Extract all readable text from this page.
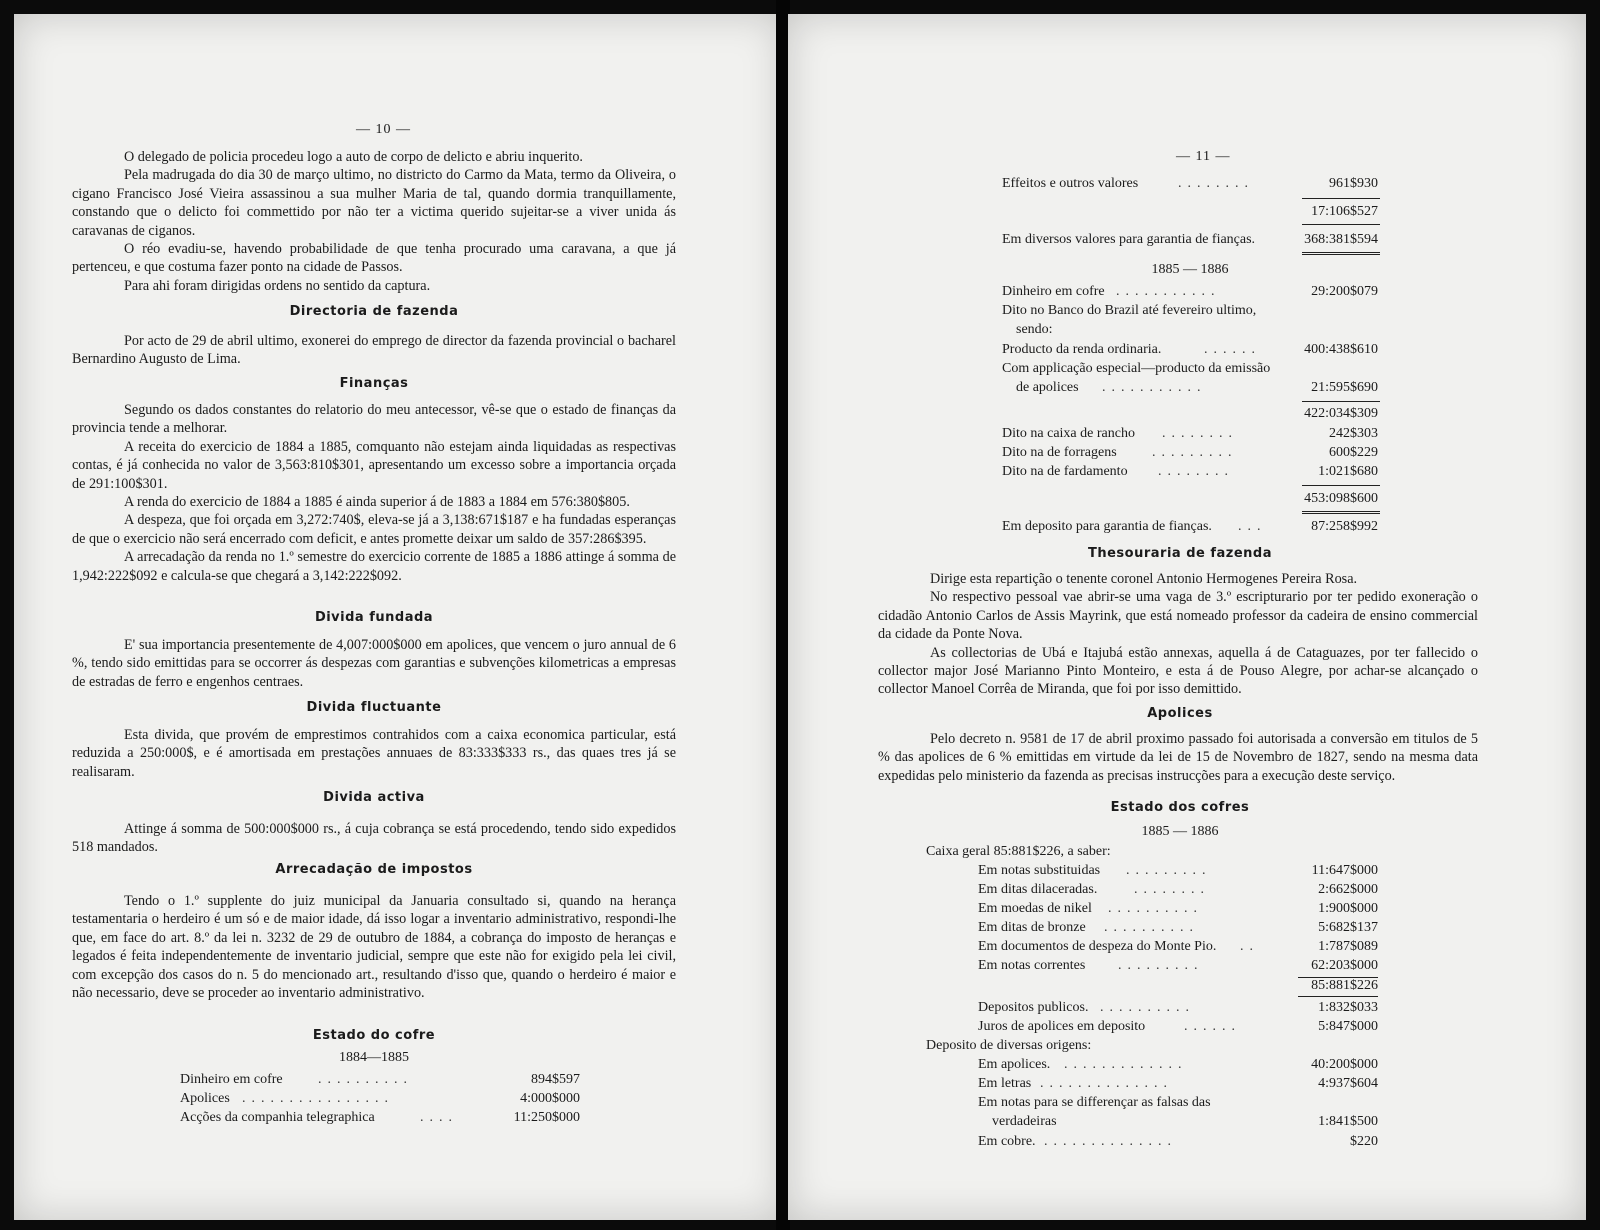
— 10 —

O delegado de policia procedeu logo a auto de corpo de delicto e abriu inquerito.

Pela madrugada do dia 30 de março ultimo, no districto do Carmo da Mata, termo da Oliveira, o cigano Francisco José Vieira assassinou a sua mulher Maria de tal, quando dormia tranquillamente, constando que o delicto foi commettido por não ter a victima querido sujeitar-se a viver unida ás caravanas de ciganos.

O réo evadiu-se, havendo probabilidade de que tenha procurado uma caravana, a que já pertenceu, e que costuma fazer ponto na cidade de Passos.

Para ahi foram dirigidas ordens no sentido da captura.

Directoria de fazenda

Por acto de 29 de abril ultimo, exonerei do emprego de director da fazenda provincial o bacharel Bernardino Augusto de Lima.

Finanças

Segundo os dados constantes do relatorio do meu antecessor, vê-se que o estado de finanças da provincia tende a melhorar.

A receita do exercicio de 1884 a 1885, comquanto não estejam ainda liquidadas as respectivas contas, é já conhecida no valor de 3,563:810$301, apresentando um excesso sobre a importancia orçada de 291:100$301.

A renda do exercicio de 1884 a 1885 é ainda superior á de 1883 a 1884 em 576:380$805.

A despeza, que foi orçada em 3,272:740$, eleva-se já a 3,138:671$187 e ha fundadas esperanças de que o exercicio não será encerrado com deficit, e antes promette deixar um saldo de 357:286$395.

A arrecadação da renda no 1.º semestre do exercicio corrente de 1885 a 1886 attinge á somma de 1,942:222$092 e calcula-se que chegará a 3,142:222$092.

Divida fundada

E' sua importancia presentemente de 4,007:000$000 em apolices, que vencem o juro annual de 6 %, tendo sido emittidas para se occorrer ás despezas com garantias e subvenções kilometricas a empresas de estradas de ferro e engenhos centraes.

Divida fluctuante

Esta divida, que provém de emprestimos contrahidos com a caixa economica particular, está reduzida a 250:000$, e é amortisada em prestações annuaes de 83:333$333 rs., das quaes tres já se realisaram.

Divida activa

Attinge á somma de 500:000$000 rs., á cuja cobrança se está procedendo, tendo sido expedidos 518 mandados.

Arrecadação de impostos

Tendo o 1.º supplente do juiz municipal da Januaria consultado si, quando na herança testamentaria o herdeiro é um só e de maior idade, dá isso logar a inventario administrativo, respondi-lhe que, em face do art. 8.º da lei n. 3232 de 29 de outubro de 1884, a cobrança do imposto de heranças e legados é feita independentemente de inventario judicial, sempre que este não for exigido pela lei civil, com excepção dos casos do n. 5 do mencionado art., resultando d'isso que, quando o herdeiro é maior e não necessario, deve se proceder ao inventario administrativo.

Estado do cofre
1884—1885
Dinheiro em cofre	..........	894$597
Apolices ................	4:000$000
Acções da companhia telegraphica	....	11:250$000
— 11 —
Effeitos e outros valores	........	961$930
17:106$527
Em diversos valores para garantia de fianças.	368:381$594
1885 — 1886
Dinheiro em cofre ...........	29:200$079
Dito no Banco do Brazil até fevereiro ultimo,
sendo:
Producto da renda ordinaria.	......	400:438$610
Com applicação especial—producto da emissão
de apolices ...........	21:595$690
422:034$309
Dito na caixa de rancho ........	242$303
Dito na de forragens	.........	600$229
Dito na de fardamento ........	1:021$680
453:098$600
Em deposito para garantia de fianças. ...	87:258$992
Thesouraria de fazenda

Dirige esta repartição o tenente coronel Antonio Hermogenes Pereira Rosa.

No respectivo pessoal vae abrir-se uma vaga de 3.º escripturario por ter pedido exoneração o cidadão Antonio Carlos de Assis Mayrink, que está nomeado professor da cadeira de ensino commercial da cidade da Ponte Nova.

As collectorias de Ubá e Itajubá estão annexas, aquella á de Cataguazes, por ter fallecido o collector major José Marianno Pinto Monteiro, e esta á de Pouso Alegre, por achar-se alcançado o collector Manoel Corrêa de Miranda, que foi por isso demittido.

Apolices

Pelo decreto n. 9581 de 17 de abril proximo passado foi autorisada a conversão em titulos de 5 % das apolices de 6 % emittidas em virtude da lei de 15 de Novembro de 1827, sendo na mesma data expedidas pelo ministerio da fazenda as precisas instrucções para a execução deste serviço.

Estado dos cofres
1885 — 1886
Caixa geral 85:881$226, a saber:
Em notas substituidas .........	11:647$000
Em ditas dilaceradas.	........	2:662$000
Em moedas de nikel ..........	1:900$000
Em ditas de bronze ..........	5:682$137
Em documentos de despeza do Monte Pio. ..	1:787$089
Em notas correntes .........	62:203$000
85:881$226
Depositos publicos. ..........	1:832$033
Juros de apolices em deposito	......	5:847$000
Deposito de diversas origens:
Em apolices. .............	40:200$000
Em letras ..............	4:937$604
Em notas para se differençar as falsas das
verdadeiras	1:841$500
Em cobre. ..............	$220
